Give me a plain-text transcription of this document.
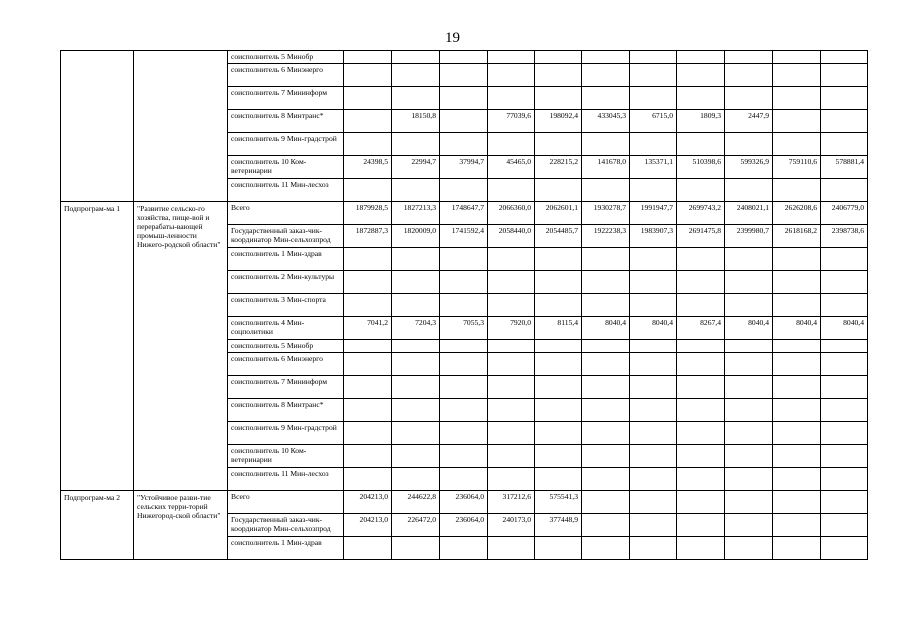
19
		соисполнитель 5 Минобр											
		соисполнитель 6 Минэнерго											
		соисполнитель 7 Мининформ											
		соисполнитель 8 Минтранс*		18150,8		77039,6	198092,4	433045,3	6715,0	1809,3	2447,9		
		соисполнитель 9 Мин-градстрой											
		соисполнитель 10 Ком-ветеринарии	24398,5	22994,7	37994,7	45465,0	228215,2	141678,0	135371,1	510398,6	599326,9	759110,6	578881,4
		соисполнитель 11 Мин-лесхоз											
Подпрограм-ма 1	"Развитие сельско-го хозяйства, пище-вой и перерабаты-вающей промыш-ленности Нижего-родской области"	Всего	1879928,5	1827213,3	1748647,7	2066360,0	2062601,1	1930278,7	1991947,7	2699743,2	2408021,1	2626208,6	2406779,0
		Государственный заказ-чик-координатор Мин-сельхозпрод	1872887,3	1820009,0	1741592,4	2058440,0	2054485,7	1922238,3	1983907,3	2691475,8	2399980,7	2618168,2	2398738,6
		соисполнитель 1 Мин-здрав											
		соисполнитель 2 Мин-культуры											
		соисполнитель 3 Мин-спорта											
		соисполнитель 4 Мин-соцполитики	7041,2	7204,3	7055,3	7920,0	8115,4	8040,4	8040,4	8267,4	8040,4	8040,4	8040,4
		соисполнитель 5 Минобр											
		соисполнитель 6 Минэнерго											
		соисполнитель 7 Мининформ											
		соисполнитель 8 Минтранс*											
		соисполнитель 9 Мин-градстрой											
		соисполнитель 10 Ком-ветеринарии											
		соисполнитель 11 Мин-лесхоз											
Подпрограм-ма 2	"Устойчивое разви-тие сельских терри-торий Нижегород-ской области"	Всего	204213,0	244622,8	236064,0	317212,6	575541,3						
		Государственный заказ-чик-координатор Мин-сельхозпрод	204213,0	226472,0	236064,0	240173,0	377448,9						
		соисполнитель 1 Мин-здрав											
